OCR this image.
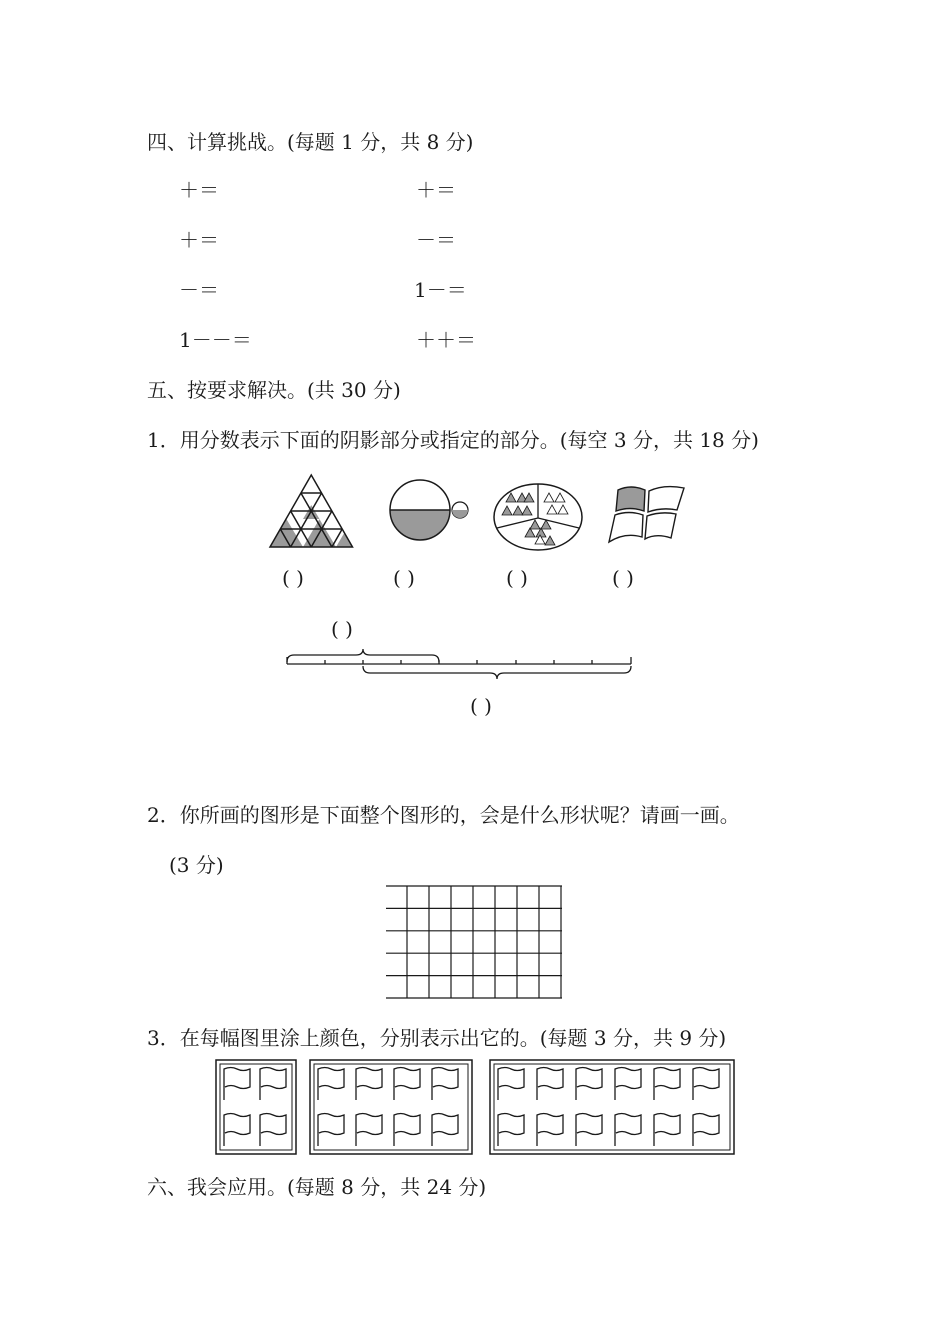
四、计算挑战。(每题 1 分，共 8 分)
＋＝	＋＝
＋＝	－＝
－＝	1－＝
1－－＝	＋＋＝
五、按要求解决。(共 30 分)
1．用分数表示下面的阴影部分或指定的部分。(每空 3 分，共 18 分)
( )	( )	( )	( )
( )
( )
2．你所画的图形是下面整个图形的，会是什么形状呢？请画一画。
(3 分)
3．在每幅图里涂上颜色，分别表示出它的。(每题 3 分，共 9 分)
六、我会应用。(每题 8 分，共 24 分)
